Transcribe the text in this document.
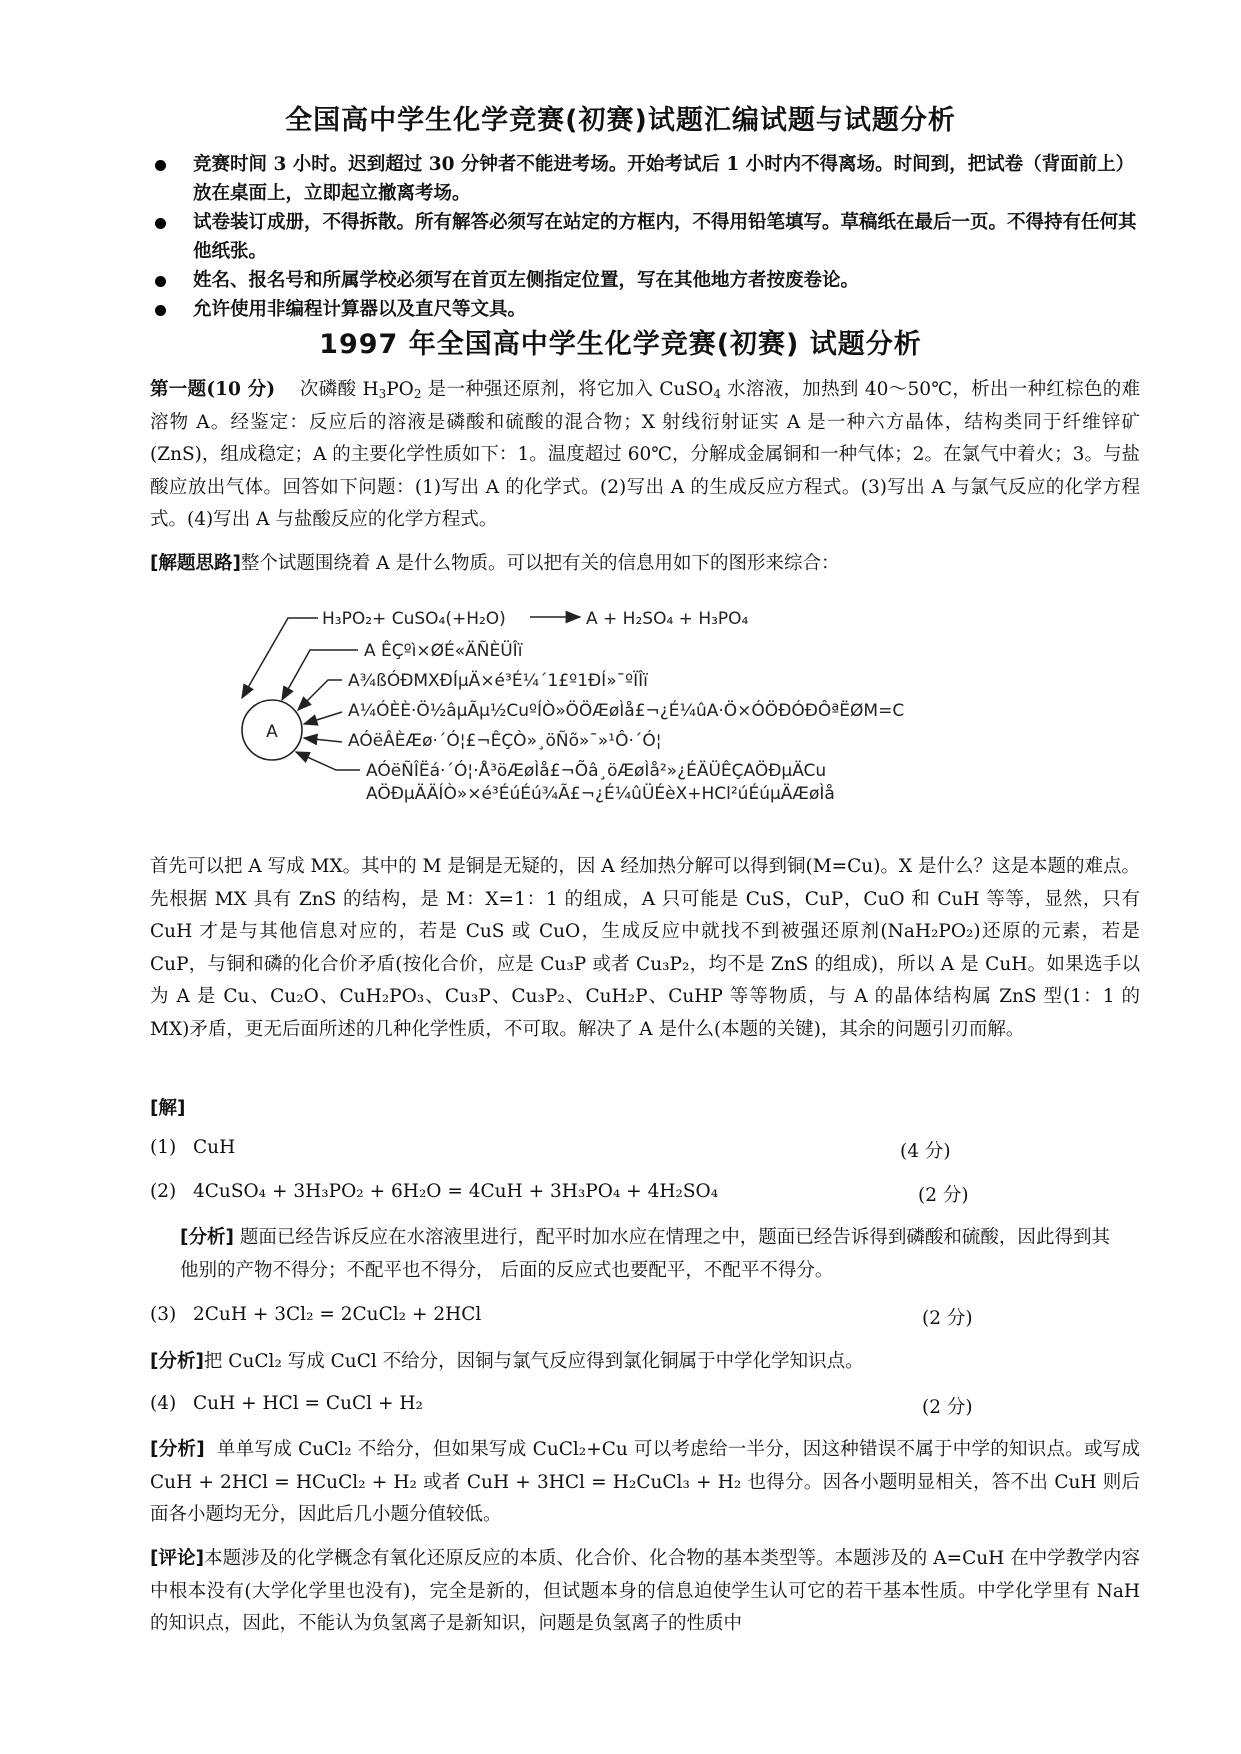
全国高中学生化学竞赛(初赛)试题汇编试题与试题分析
竞赛时间 3 小时。迟到超过 30 分钟者不能进考场。开始考试后 1 小时内不得离场。时间到，把试卷（背面前上）放在桌面上，立即起立撤离考场。
试卷装订成册，不得拆散。所有解答必须写在站定的方框内，不得用铅笔填写。草稿纸在最后一页。不得持有任何其他纸张。
姓名、报名号和所属学校必须写在首页左侧指定位置，写在其他地方者按废卷论。
允许使用非编程计算器以及直尺等文具。
1997 年全国高中学生化学竞赛(初赛) 试题分析
第一题(10 分) 次磷酸 $H_3PO_2$ 是一种强还原剂，将它加入 CuSO$_4$ 水溶液，加热到 40～50℃，析出一种红棕色的难溶物 A。经鉴定：反应后的溶液是磷酸和硫酸的混合物；X 射线衍射证实 A 是一种六方晶体，结构类同于纤维锌矿(ZnS)，组成稳定；A 的主要化学性质如下：1。温度超过 60℃，分解成金属铜和一种气体；2。在氯气中着火；3。与盐酸应放出气体。回答如下问题：(1)写出 A 的化学式。(2)写出 A 的生成反应方程式。(3)写出 A 与氯气反应的化学方程式。(4)写出 A 与盐酸反应的化学方程式。
[解题思路]整个试题围绕着 A 是什么物质。可以把有关的信息用如下的图形来综合：
A
H₃PO₂+ CuSO₄(+H₂O)	A + H₂SO₄ + H₃PO₄
A ÊÇºì×ØÉ«ÄÑÈÜÎï
A¾ßÓÐMXÐÍµÄ×é³É¼´1£º1ÐÍ»¯ºÏÎï
A¼ÓÈÈ·Ö½âµÃµ½CuºÍÒ»ÖÖÆøÌå£¬¿É¼ûA·Ö×ÓÖÐÓÐÔªËØM=C
AÓëÂÈÆø·´Ó¦£¬ÊÇÒ»¸öÑõ»¯»¹Ô·´Ó¦
AÓëÑÎËá·´Ó¦·Å³öÆøÌå£¬Õâ¸öÆøÌå²»¿ÉÄÜÊÇAÖÐµÄCu
AÖÐµÄÄÍÒ»×é³ÉúÉú¾Ã£¬¿É¼ûÜÉèX+HCl²úÉúµÄÆøÌå
首先可以把 A 写成 MX。其中的 M 是铜是无疑的，因 A 经加热分解可以得到铜(M=Cu)。X 是什么？这是本题的难点。先根据 MX 具有 ZnS 的结构，是 M：X=1：1 的组成，A 只可能是 CuS，CuP，CuO 和 CuH 等等，显然，只有 CuH 才是与其他信息对应的，若是 CuS 或 CuO，生成反应中就找不到被强还原剂(NaH₂PO₂)还原的元素，若是 CuP，与铜和磷的化合价矛盾(按化合价，应是 Cu₃P 或者 Cu₃P₂，均不是 ZnS 的组成)，所以 A 是 CuH。如果选手以为 A 是 Cu、Cu₂O、CuH₂PO₃、Cu₃P、Cu₃P₂、CuH₂P、CuHP 等等物质，与 A 的晶体结构属 ZnS 型(1：1 的 MX)矛盾，更无后面所述的几种化学性质，不可取。解决了 A 是什么(本题的关键)，其余的问题引刃而解。
[解]
(1) CuH	(4 分)
(2) 4CuSO₄ + 3H₃PO₂ + 6H₂O = 4CuH + 3H₃PO₄ + 4H₂SO₄	(2 分)
[分析] 题面已经告诉反应在水溶液里进行，配平时加水应在情理之中，题面已经告诉得到磷酸和硫酸，因此得到其他别的产物不得分；不配平也不得分， 后面的反应式也要配平，不配平不得分。
(3) 2CuH + 3Cl₂ = 2CuCl₂ + 2HCl	(2 分)
[分析]把 CuCl₂ 写成 CuCl 不给分，因铜与氯气反应得到氯化铜属于中学化学知识点。
(4) CuH + HCl = CuCl + H₂	(2 分)
[分析] 单单写成 CuCl₂ 不给分，但如果写成 CuCl₂+Cu 可以考虑给一半分，因这种错误不属于中学的知识点。或写成 CuH + 2HCl = HCuCl₂ + H₂ 或者 CuH + 3HCl = H₂CuCl₃ + H₂ 也得分。因各小题明显相关，答不出 CuH 则后面各小题均无分，因此后几小题分值较低。
[评论]本题涉及的化学概念有氧化还原反应的本质、化合价、化合物的基本类型等。本题涉及的 A=CuH 在中学教学内容中根本没有(大学化学里也没有)，完全是新的，但试题本身的信息迫使学生认可它的若干基本性质。中学化学里有 NaH 的知识点，因此，不能认为负氢离子是新知识，问题是负氢离子的性质中
